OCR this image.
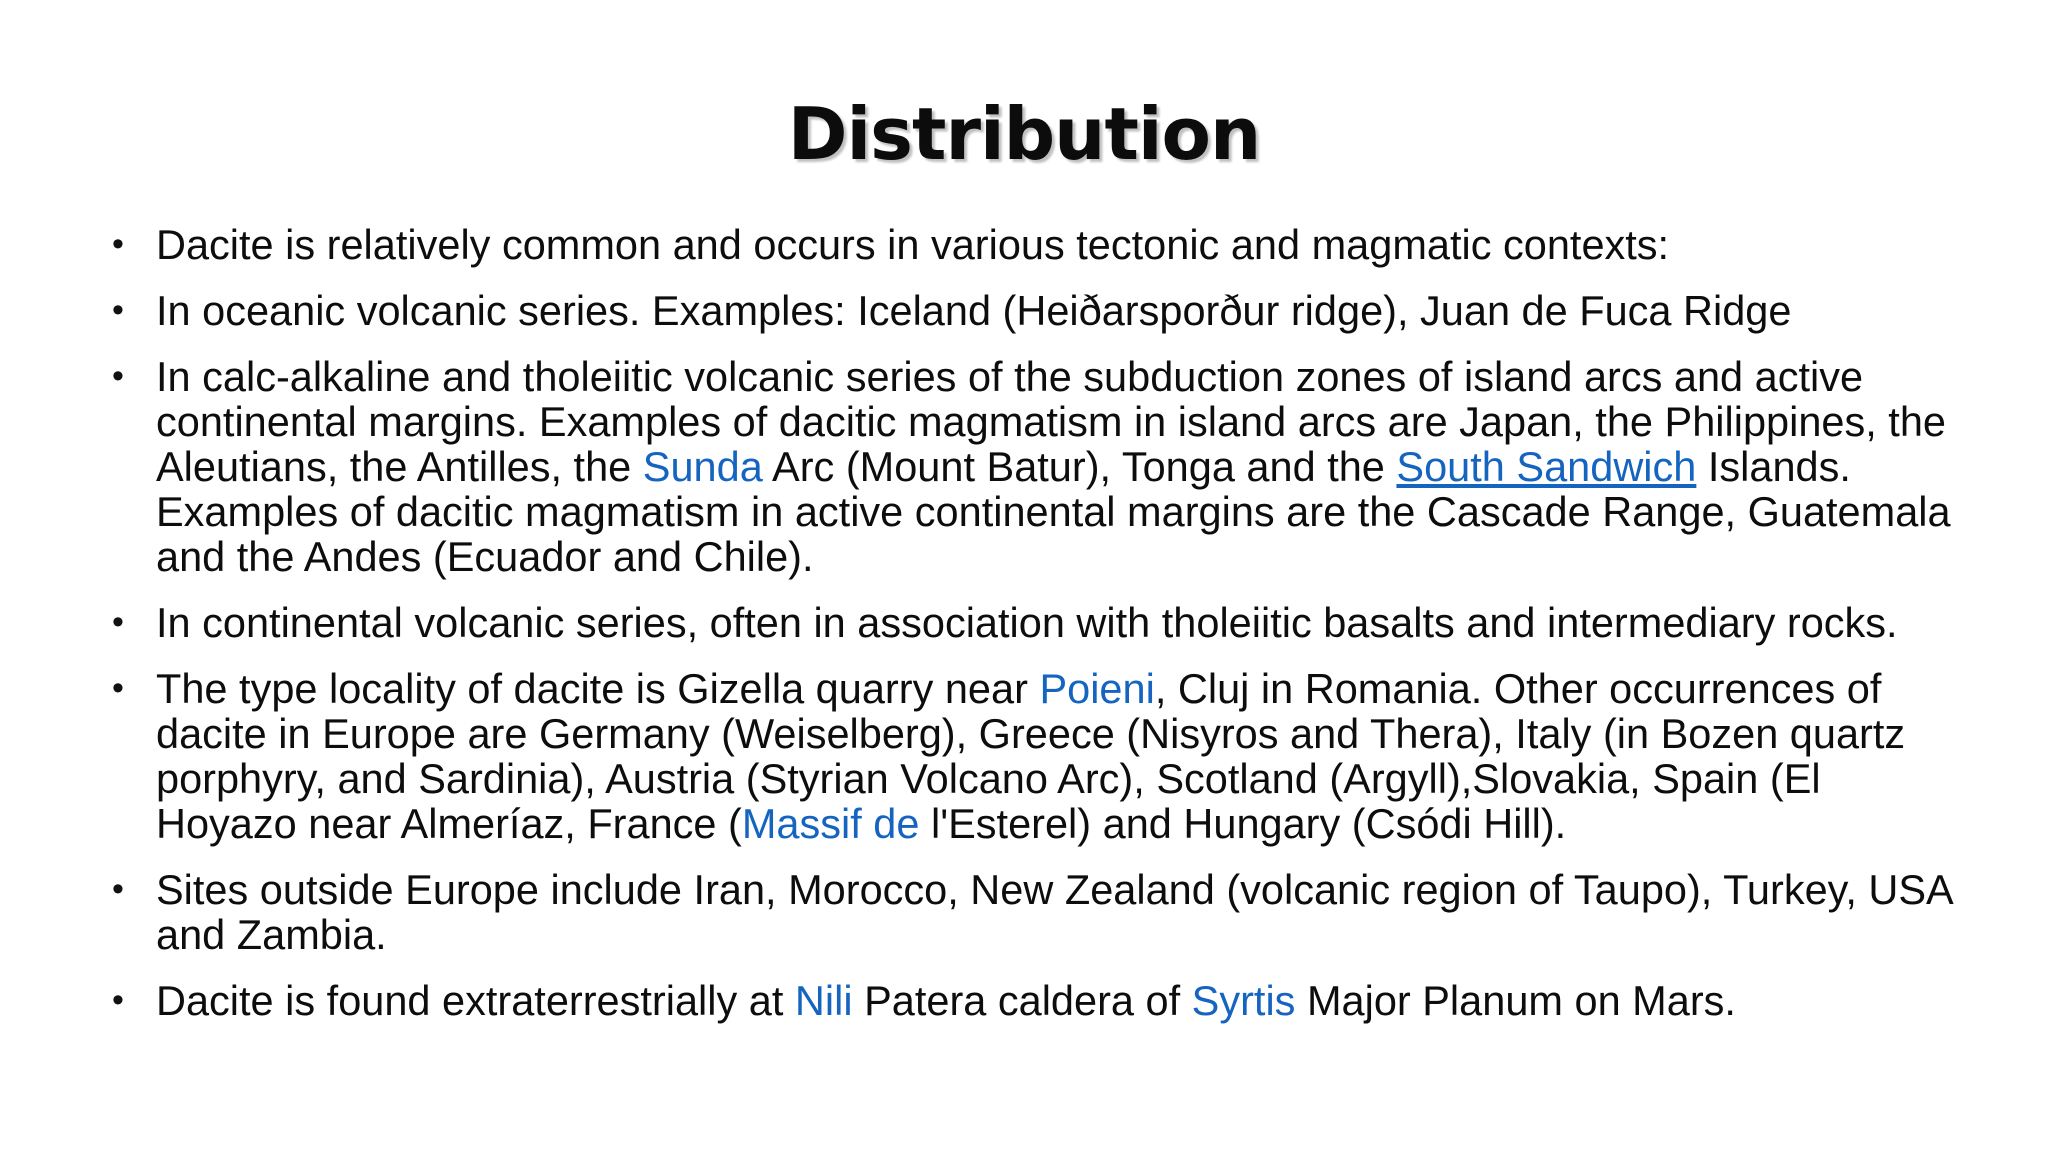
Distribution
• Dacite is relatively common and occurs in various tectonic and magmatic contexts:
• In oceanic volcanic series. Examples: Iceland (Heiðarsporður ridge), Juan de Fuca Ridge
• In calc-alkaline and tholeiitic volcanic series of the subduction zones of island arcs and active continental margins. Examples of dacitic magmatism in island arcs are Japan, the Philippines, the Aleutians, the Antilles, the Sunda Arc (Mount Batur), Tonga and the South Sandwich Islands. Examples of dacitic magmatism in active continental margins are the Cascade Range, Guatemala and the Andes (Ecuador and Chile).
• In continental volcanic series, often in association with tholeiitic basalts and intermediary rocks.
• The type locality of dacite is Gizella quarry near Poieni, Cluj in Romania. Other occurrences of dacite in Europe are Germany (Weiselberg), Greece (Nisyros and Thera), Italy (in Bozen quartz porphyry, and Sardinia), Austria (Styrian Volcano Arc), Scotland (Argyll),Slovakia, Spain (El Hoyazo near Almeríaz, France (Massif de l'Esterel) and Hungary (Csódi Hill).
• Sites outside Europe include Iran, Morocco, New Zealand (volcanic region of Taupo), Turkey, USA and Zambia.
• Dacite is found extraterrestrially at Nili Patera caldera of Syrtis Major Planum on Mars.
